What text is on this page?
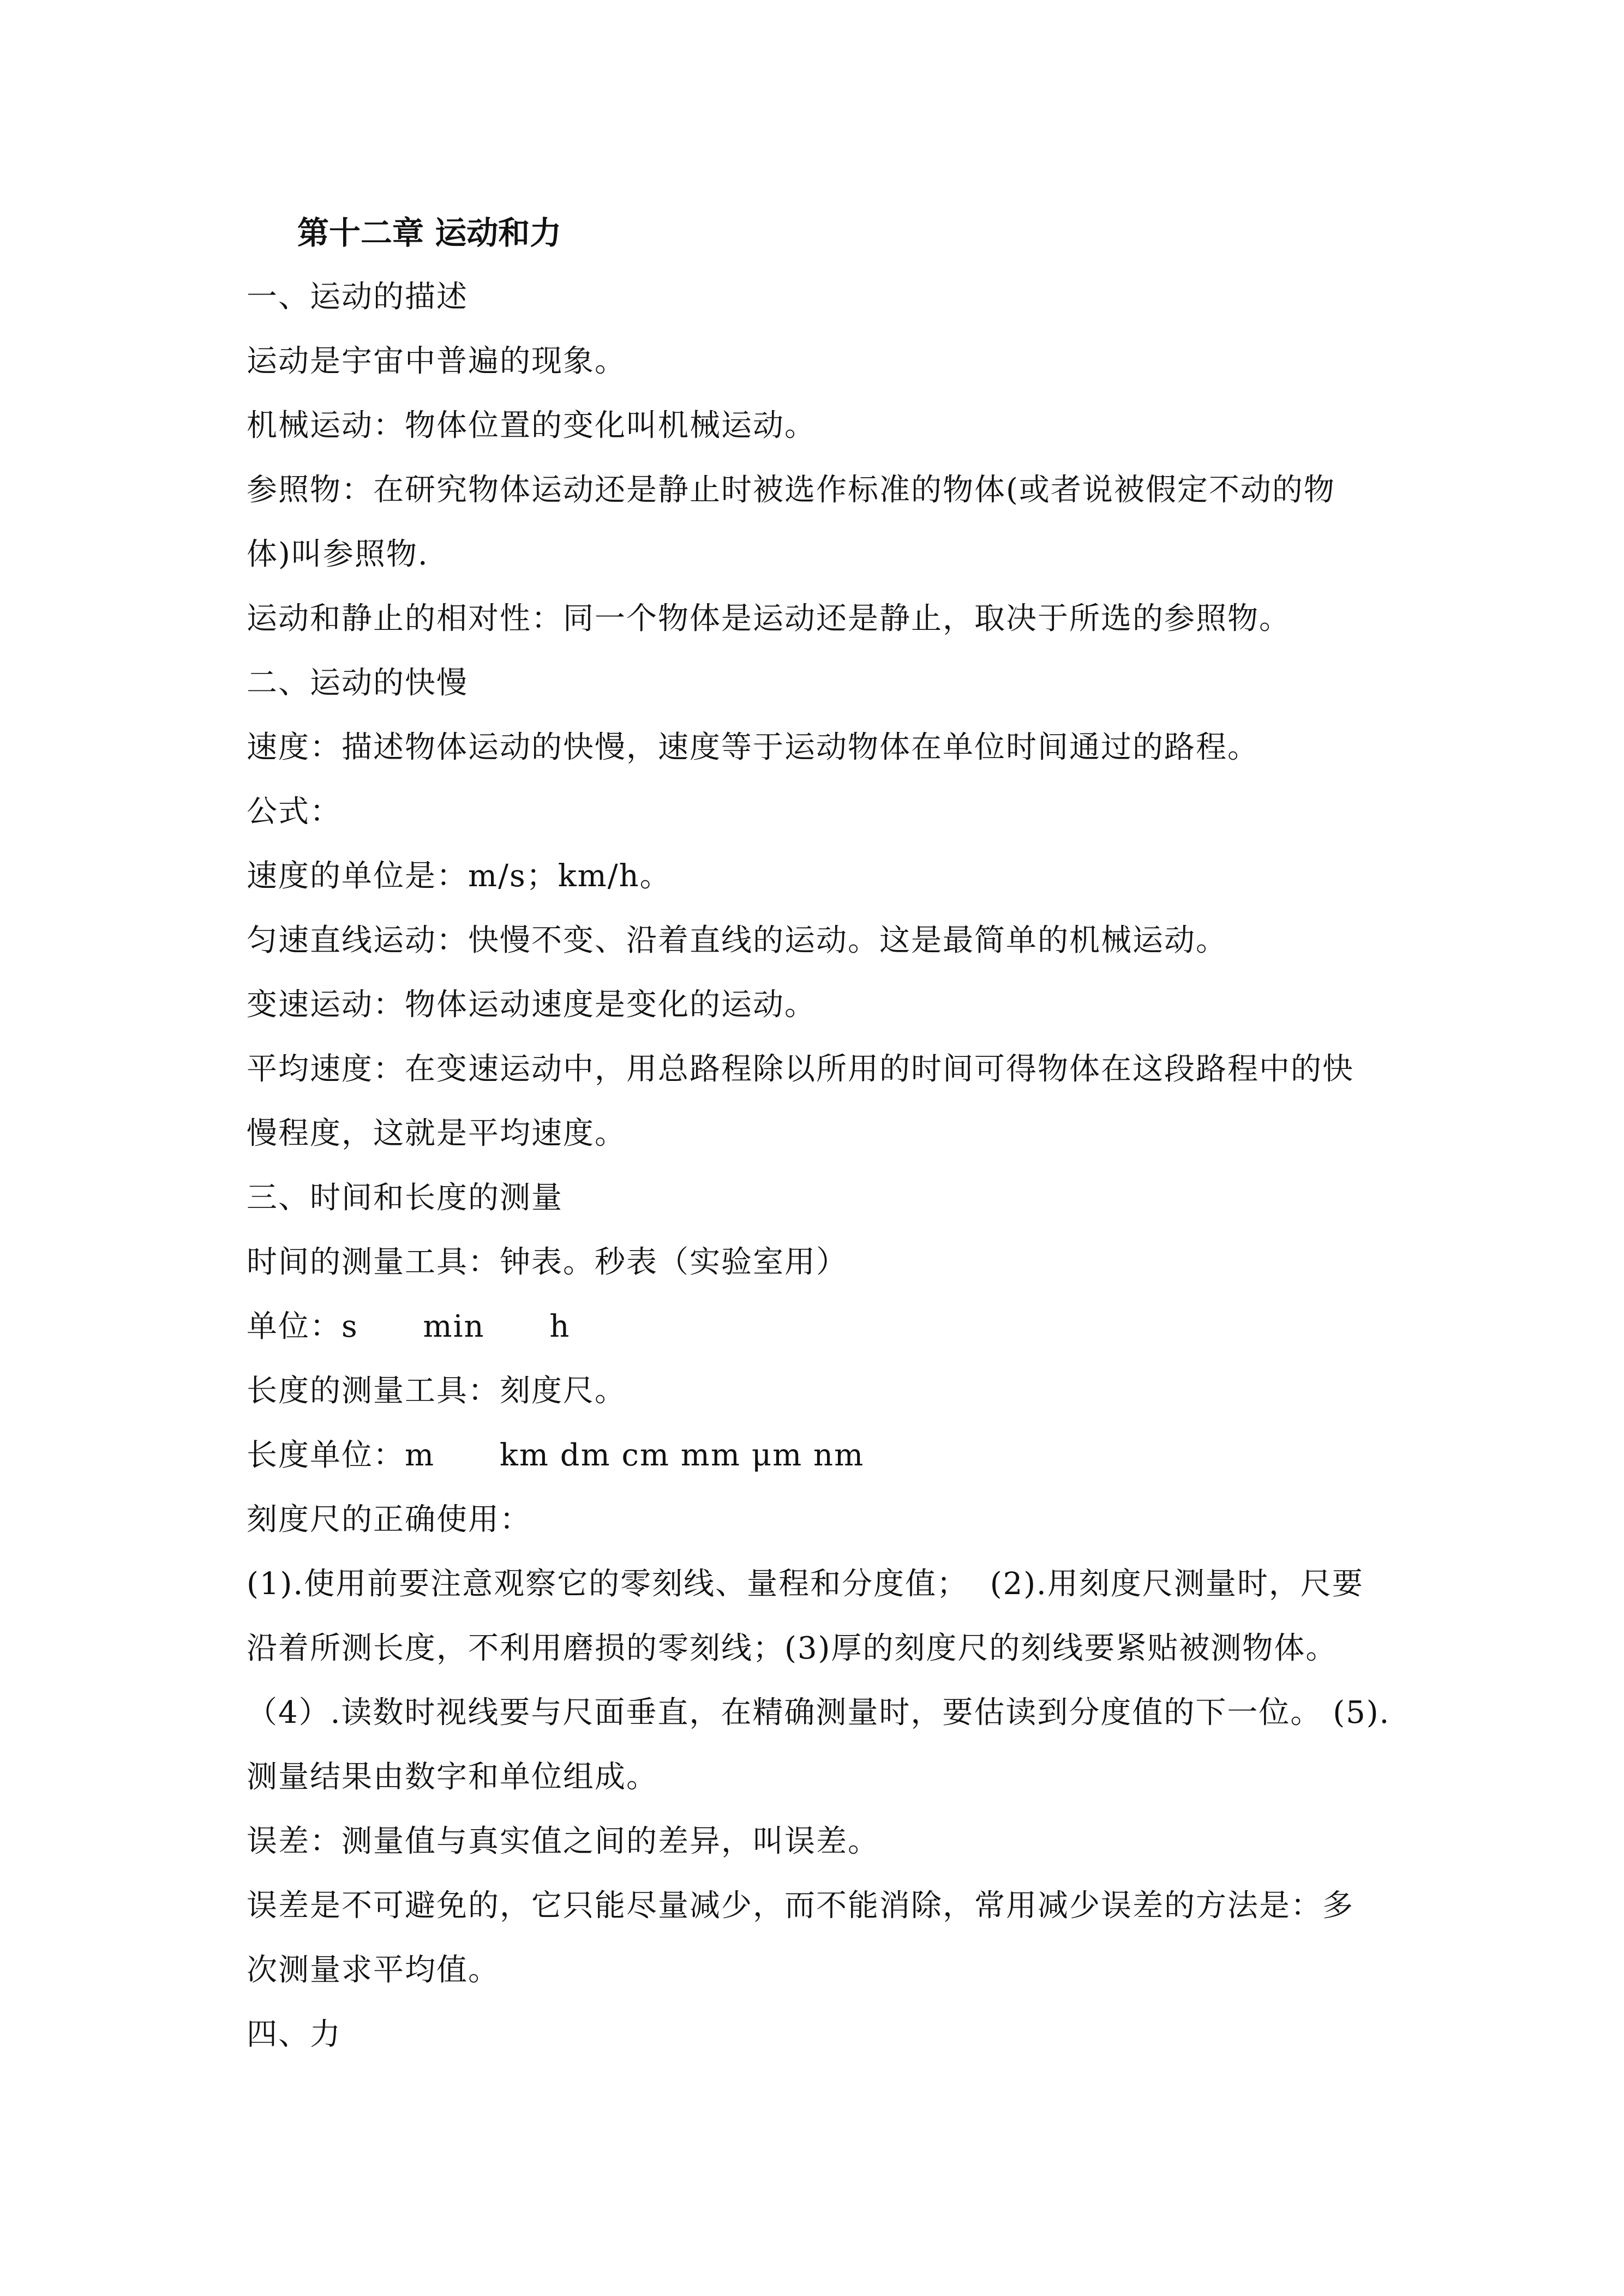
第十二章 运动和力
一、运动的描述
运动是宇宙中普遍的现象。
机械运动：物体位置的变化叫机械运动。
参照物：在研究物体运动还是静止时被选作标准的物体(或者说被假定不动的物
体)叫参照物.
运动和静止的相对性：同一个物体是运动还是静止，取决于所选的参照物。
二、运动的快慢
速度：描述物体运动的快慢，速度等于运动物体在单位时间通过的路程。
公式：
速度的单位是：m/s；km/h。
匀速直线运动：快慢不变、沿着直线的运动。这是最简单的机械运动。
变速运动：物体运动速度是变化的运动。
平均速度：在变速运动中，用总路程除以所用的时间可得物体在这段路程中的快
慢程度，这就是平均速度。
三、时间和长度的测量
时间的测量工具：钟表。秒表（实验室用）
单位：s      min      h
长度的测量工具：刻度尺。
长度单位：m      km dm cm mm μm nm
刻度尺的正确使用：
(1).使用前要注意观察它的零刻线、量程和分度值；  (2).用刻度尺测量时，尺要
沿着所测长度，不利用磨损的零刻线；(3)厚的刻度尺的刻线要紧贴被测物体。
（4）.读数时视线要与尺面垂直，在精确测量时，要估读到分度值的下一位。 (5).
测量结果由数字和单位组成。
误差：测量值与真实值之间的差异，叫误差。
误差是不可避免的，它只能尽量减少，而不能消除，常用减少误差的方法是：多
次测量求平均值。
四、力
